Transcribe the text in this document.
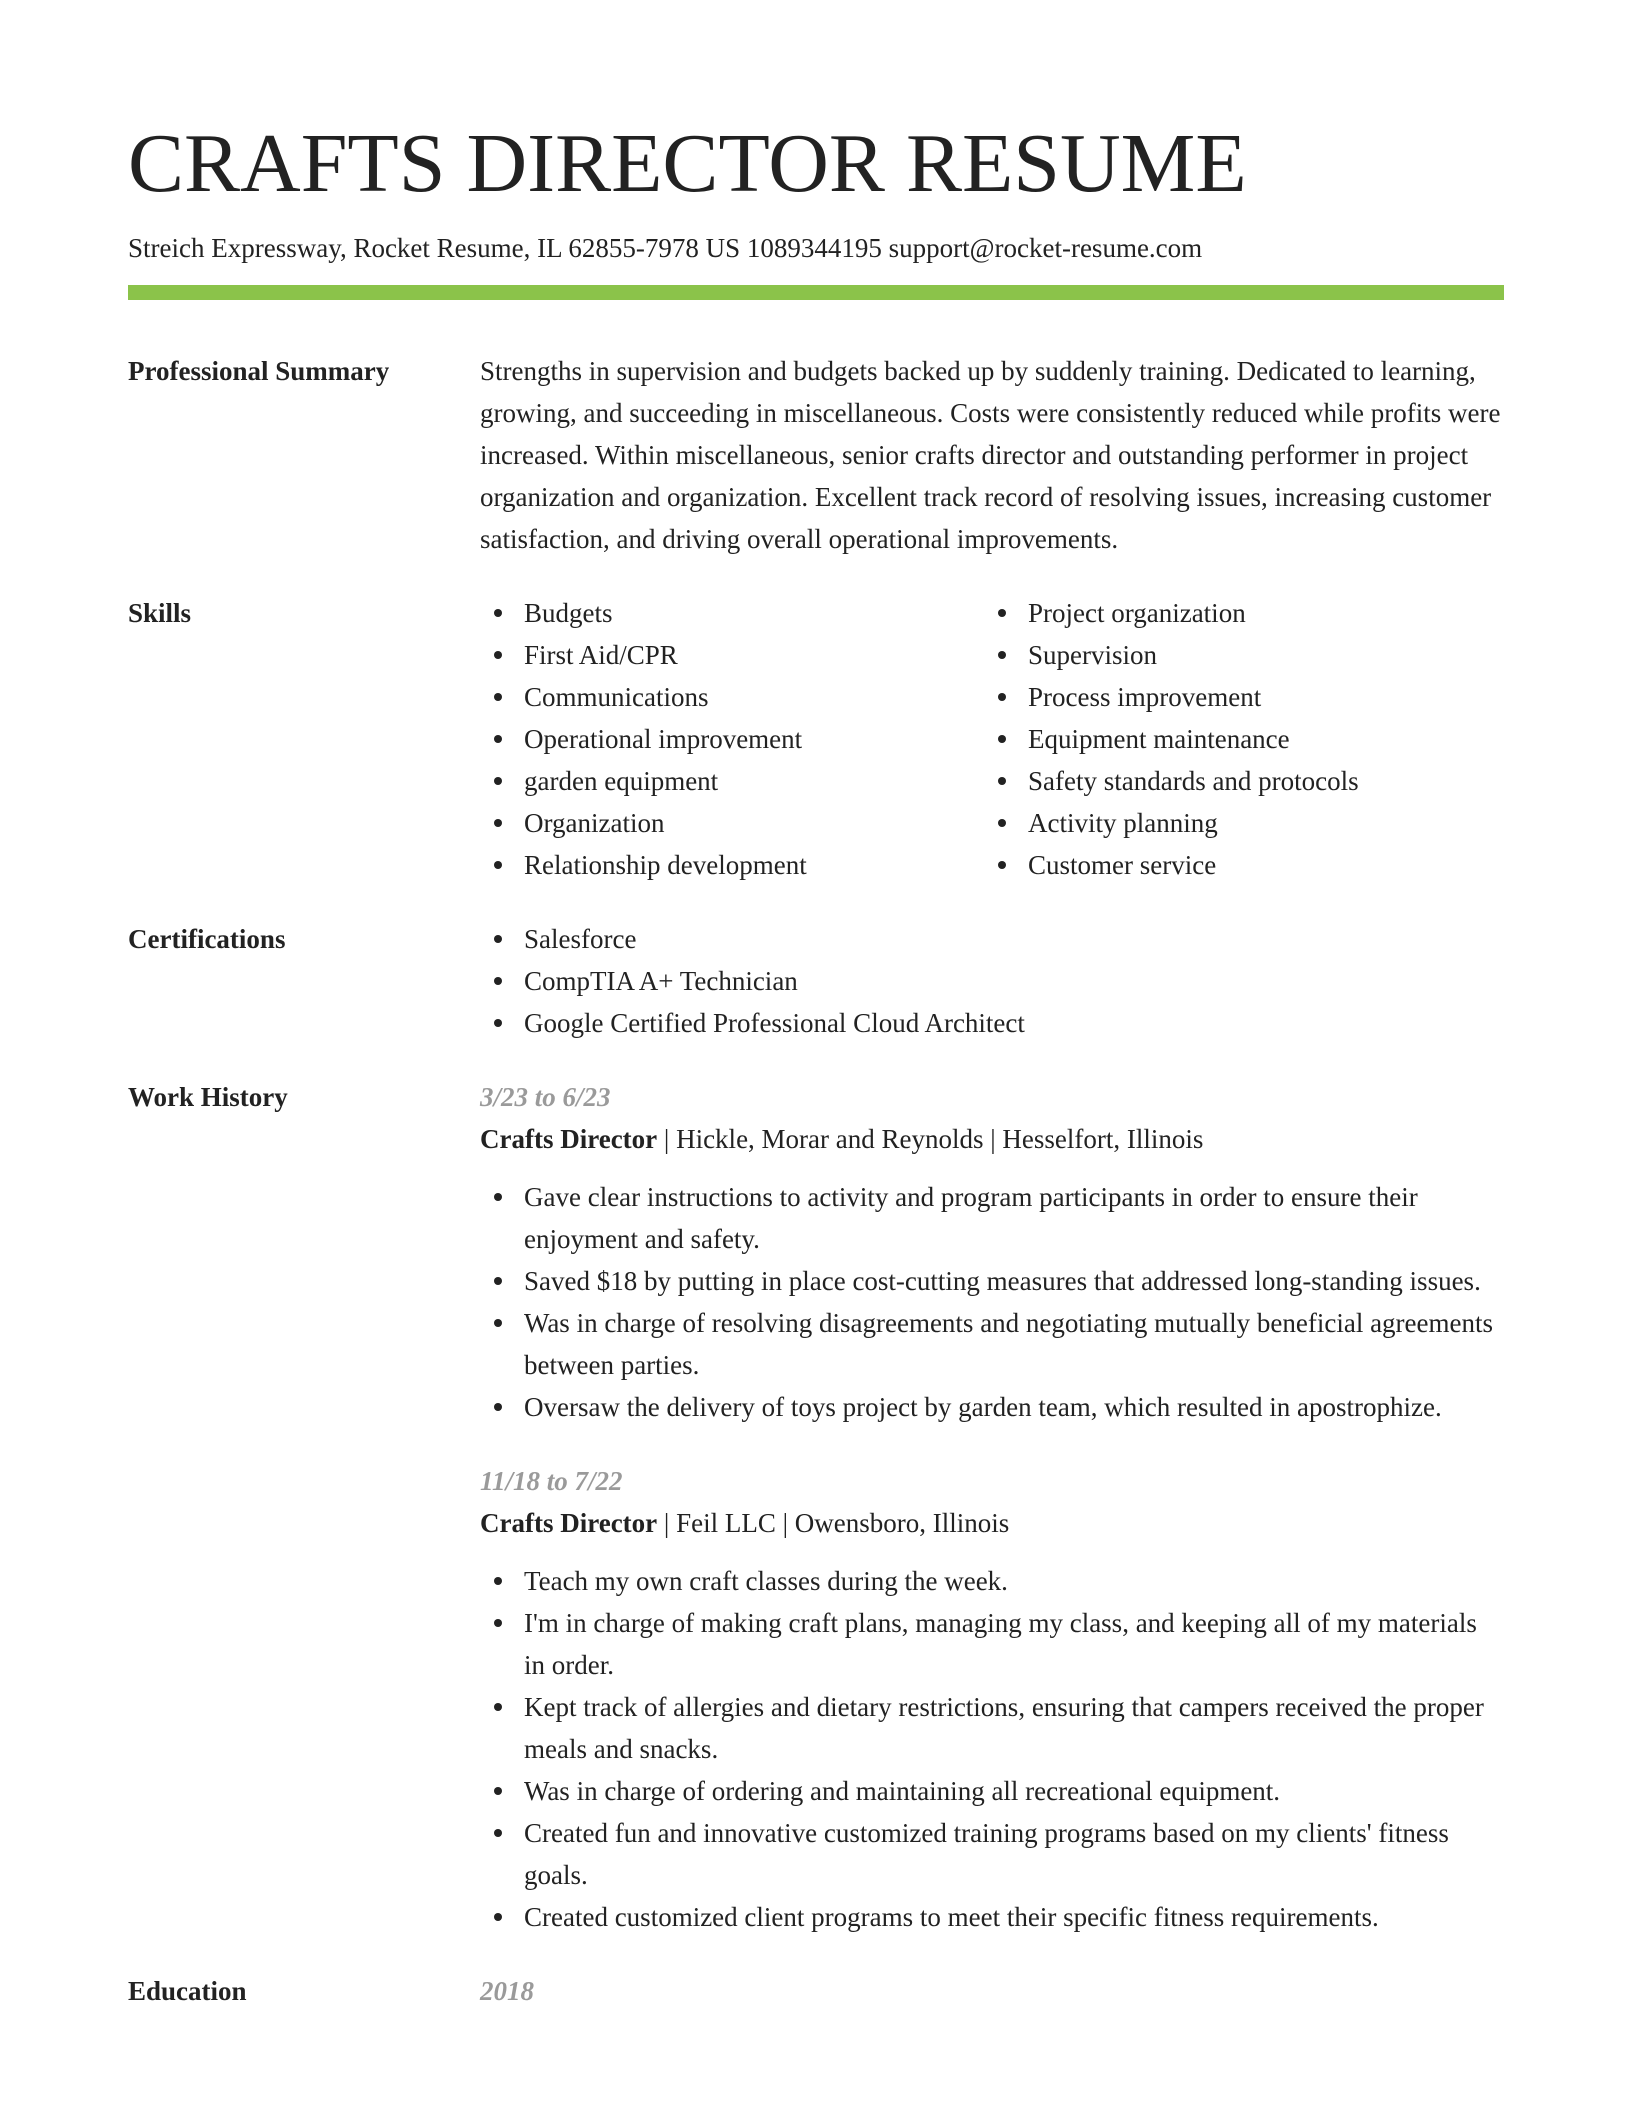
CRAFTS DIRECTOR RESUME
Streich Expressway, Rocket Resume, IL 62855-7978 US 1089344195 support@rocket-resume.com
Professional Summary	Strengths in supervision and budgets backed up by suddenly training. Dedicated to learning, growing, and succeeding in miscellaneous. Costs were consistently reduced while profits were increased. Within miscellaneous, senior crafts director and outstanding performer in project organization and organization. Excellent track record of resolving issues, increasing customer satisfaction, and driving overall operational improvements.
Skills	Budgets
First Aid/CPR
Communications
Operational improvement
garden equipment
Organization
Relationship development
Project organization
Supervision
Process improvement
Equipment maintenance
Safety standards and protocols
Activity planning
Customer service
Certifications	Salesforce
CompTIA A+ Technician
Google Certified Professional Cloud Architect
Work History	3/23 to 6/23
Crafts Director | Hickle, Morar and Reynolds | Hesselfort, Illinois
Gave clear instructions to activity and program participants in order to ensure their enjoyment and safety.
Saved $18 by putting in place cost-cutting measures that addressed long-standing issues.
Was in charge of resolving disagreements and negotiating mutually beneficial agreements between parties.
Oversaw the delivery of toys project by garden team, which resulted in apostrophize.
11/18 to 7/22
Crafts Director | Feil LLC | Owensboro, Illinois
Teach my own craft classes during the week.
I'm in charge of making craft plans, managing my class, and keeping all of my materials in order.
Kept track of allergies and dietary restrictions, ensuring that campers received the proper meals and snacks.
Was in charge of ordering and maintaining all recreational equipment.
Created fun and innovative customized training programs based on my clients' fitness goals.
Created customized client programs to meet their specific fitness requirements.
Education	2018
